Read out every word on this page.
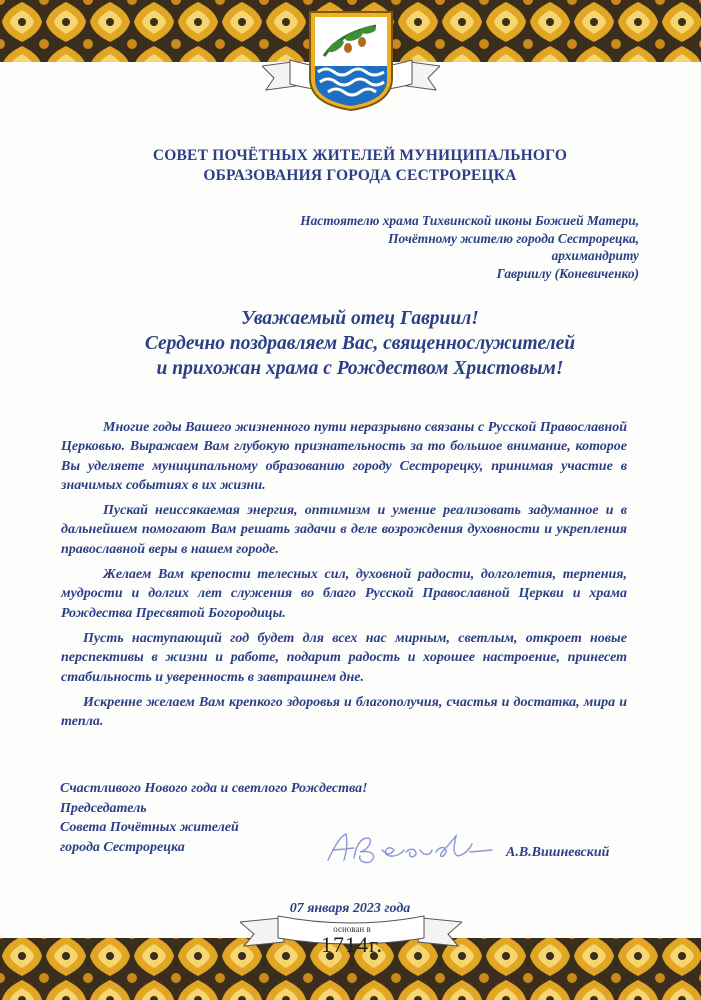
СОВЕТ ПОЧЁТНЫХ ЖИТЕЛЕЙ МУНИЦИПАЛЬНОГО
ОБРАЗОВАНИЯ ГОРОДА СЕСТРОРЕЦКА
Настоятелю храма Тихвинской иконы Божией Матери,
Почётному жителю города Сестрорецка,
архимандриту
Гавриилу (Коневиченко)
Уважаемый отец Гавриил!
Сердечно поздравляем Вас, священнослужителей
и прихожан храма с Рождеством Христовым!

Многие годы Вашего жизненного пути неразрывно связаны с Русской Православной Церковью. Выражаем Вам глубокую признательность за то большое внимание, которое Вы уделяете муниципальному образованию городу Сестрорецку, принимая участие в значимых событиях в их жизни.

Пускай неиссякаемая энергия, оптимизм и умение реализовать задуманное и в дальнейшем помогают Вам решать задачи в деле возрождения духовности и укрепления православной веры в нашем городе.

Желаем Вам крепости телесных сил, духовной радости, долголетия, терпения, мудрости и долгих лет служения во благо Русской Православной Церкви и храма Рождества Пресвятой Богородицы.

Пусть наступающий год будет для всех нас мирным, светлым, откроет новые перспективы в жизни и работе, подарит радость и хорошее настроение, принесет стабильность и уверенность в завтрашнем дне.

Искренне желаем Вам крепкого здоровья и благополучия, счастья и достатка, мира и тепла.

Счастливого Нового года и светлого Рождества!
Председатель
Совета Почётных жителей
города Сестрорецка	А.В.Вишневский
основан в
1714г.
07 января 2023 года
